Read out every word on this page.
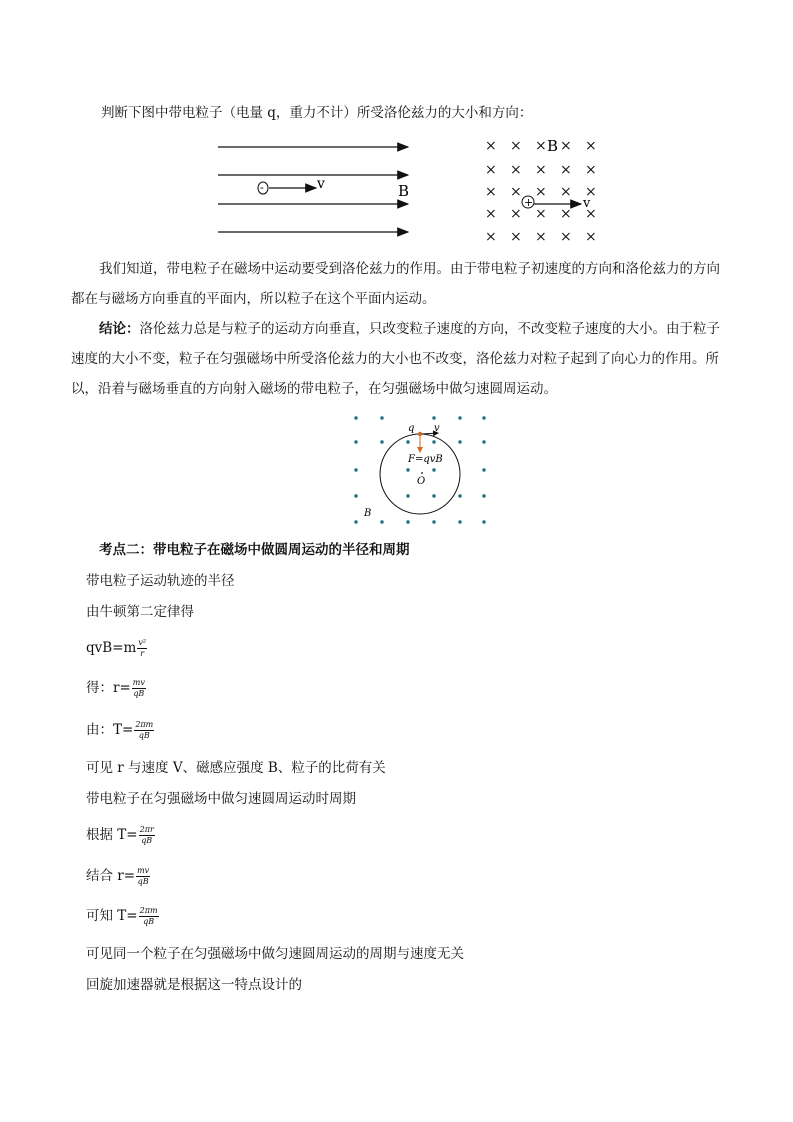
判断下图中带电粒子（电量 q，重力不计）所受洛伦兹力的大小和方向：
-	v	B
× × ×	×
× × × × ×
× × × × ×
× × × × ×
× × × × ×
×
B
+	v
我们知道，带电粒子在磁场中运动要受到洛伦兹力的作用。由于带电粒子初速度的方向和洛伦兹力的方向都在与磁场方向垂直的平面内，所以粒子在这个平面内运动。
结论：洛伦兹力总是与粒子的运动方向垂直，只改变粒子速度的方向，不改变粒子速度的大小。由于粒子速度的大小不变，粒子在匀强磁场中所受洛伦兹力的大小也不改变，洛伦兹力对粒子起到了向心力的作用。所以，沿着与磁场垂直的方向射入磁场的带电粒子，在匀强磁场中做匀速圆周运动。
q v
F=qvB
O
B
考点二：带电粒子在磁场中做圆周运动的半径和周期
带电粒子运动轨迹的半径
由牛顿第二定律得
$qvB=m \frac{\text{v²}}{r}$
得：$r= \frac{mv}{qB}$
由：$T= \frac{2\pi m}{qB}$
可见 r 与速度 V、磁感应强度 B、粒子的比荷有关
带电粒子在匀强磁场中做匀速圆周运动时周期
根据 $T= \frac{2\pi r}{qB}$
结合 $r= \frac{mv}{qB}$
可知 $T= \frac{2\pi m}{qB}$
可见同一个粒子在匀强磁场中做匀速圆周运动的周期与速度无关
回旋加速器就是根据这一特点设计的
